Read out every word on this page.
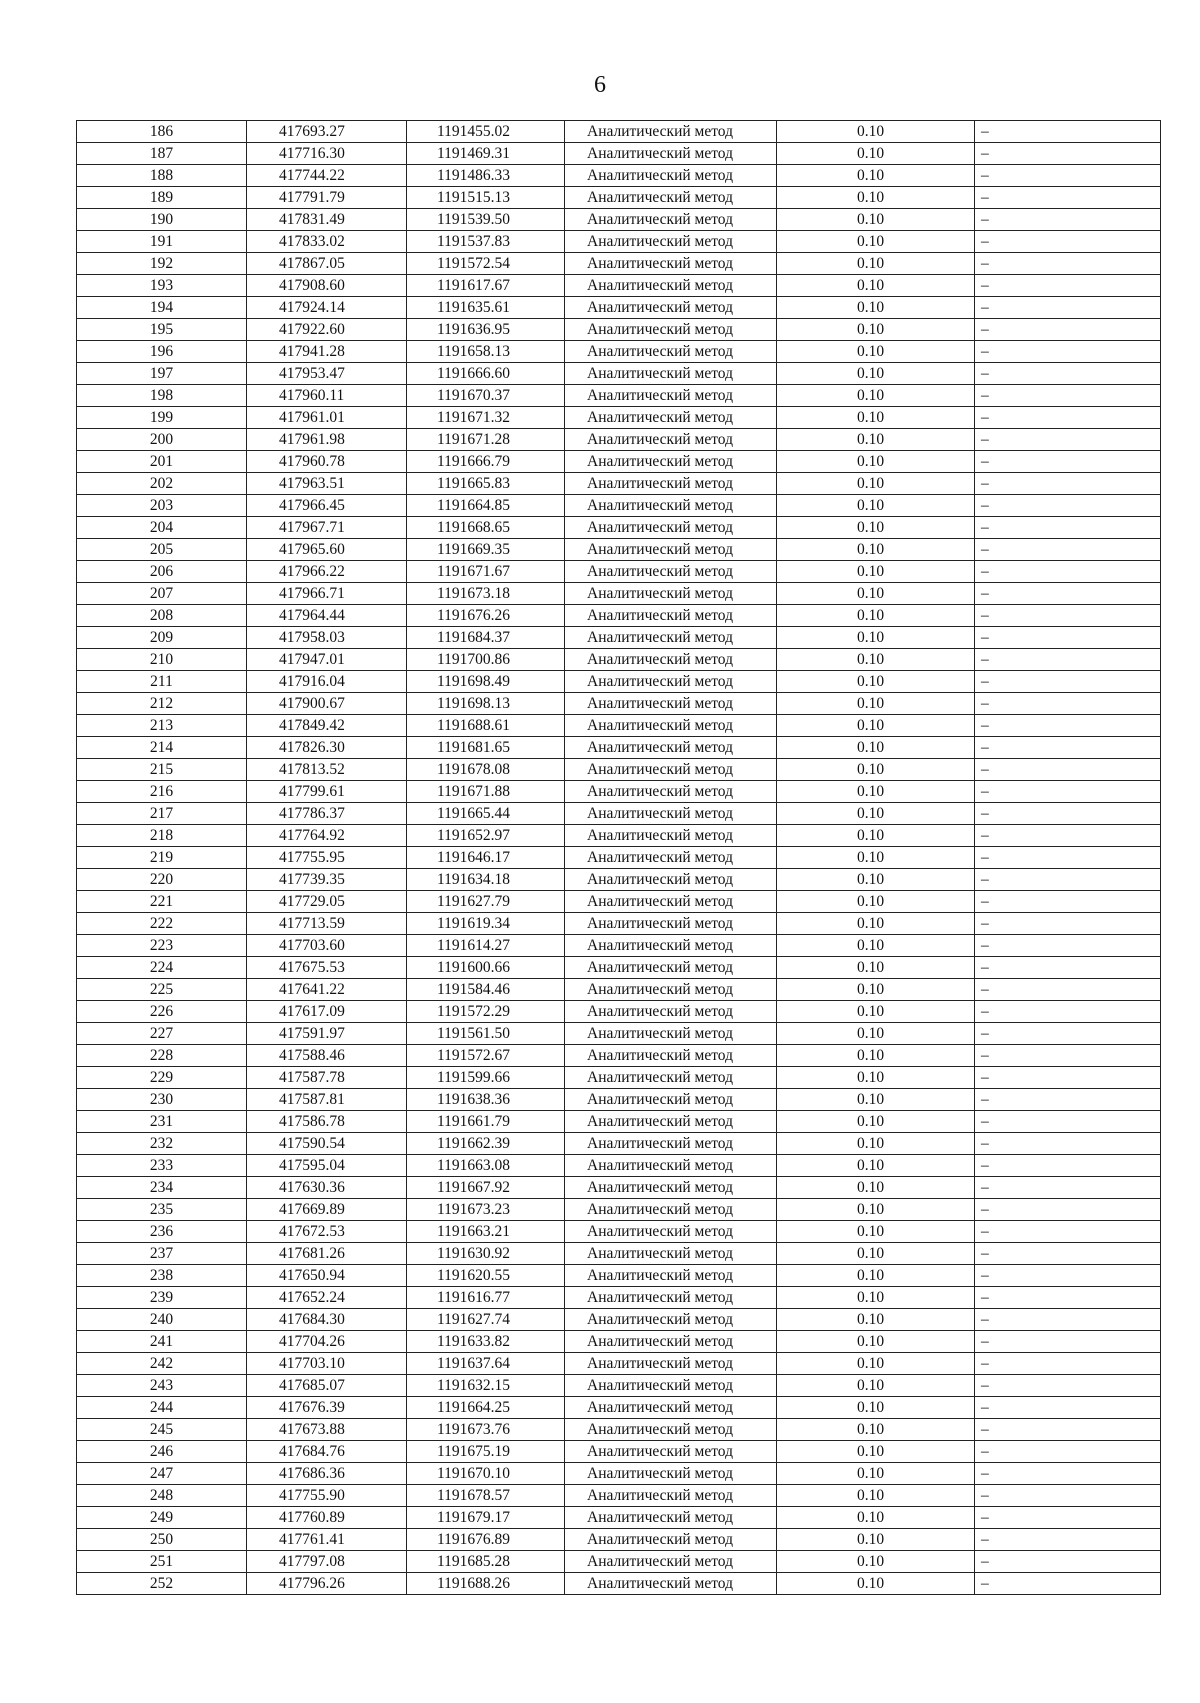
6
186	417693.27	1191455.02	Аналитический метод	0.10	–
187	417716.30	1191469.31	Аналитический метод	0.10	–
188	417744.22	1191486.33	Аналитический метод	0.10	–
189	417791.79	1191515.13	Аналитический метод	0.10	–
190	417831.49	1191539.50	Аналитический метод	0.10	–
191	417833.02	1191537.83	Аналитический метод	0.10	–
192	417867.05	1191572.54	Аналитический метод	0.10	–
193	417908.60	1191617.67	Аналитический метод	0.10	–
194	417924.14	1191635.61	Аналитический метод	0.10	–
195	417922.60	1191636.95	Аналитический метод	0.10	–
196	417941.28	1191658.13	Аналитический метод	0.10	–
197	417953.47	1191666.60	Аналитический метод	0.10	–
198	417960.11	1191670.37	Аналитический метод	0.10	–
199	417961.01	1191671.32	Аналитический метод	0.10	–
200	417961.98	1191671.28	Аналитический метод	0.10	–
201	417960.78	1191666.79	Аналитический метод	0.10	–
202	417963.51	1191665.83	Аналитический метод	0.10	–
203	417966.45	1191664.85	Аналитический метод	0.10	–
204	417967.71	1191668.65	Аналитический метод	0.10	–
205	417965.60	1191669.35	Аналитический метод	0.10	–
206	417966.22	1191671.67	Аналитический метод	0.10	–
207	417966.71	1191673.18	Аналитический метод	0.10	–
208	417964.44	1191676.26	Аналитический метод	0.10	–
209	417958.03	1191684.37	Аналитический метод	0.10	–
210	417947.01	1191700.86	Аналитический метод	0.10	–
211	417916.04	1191698.49	Аналитический метод	0.10	–
212	417900.67	1191698.13	Аналитический метод	0.10	–
213	417849.42	1191688.61	Аналитический метод	0.10	–
214	417826.30	1191681.65	Аналитический метод	0.10	–
215	417813.52	1191678.08	Аналитический метод	0.10	–
216	417799.61	1191671.88	Аналитический метод	0.10	–
217	417786.37	1191665.44	Аналитический метод	0.10	–
218	417764.92	1191652.97	Аналитический метод	0.10	–
219	417755.95	1191646.17	Аналитический метод	0.10	–
220	417739.35	1191634.18	Аналитический метод	0.10	–
221	417729.05	1191627.79	Аналитический метод	0.10	–
222	417713.59	1191619.34	Аналитический метод	0.10	–
223	417703.60	1191614.27	Аналитический метод	0.10	–
224	417675.53	1191600.66	Аналитический метод	0.10	–
225	417641.22	1191584.46	Аналитический метод	0.10	–
226	417617.09	1191572.29	Аналитический метод	0.10	–
227	417591.97	1191561.50	Аналитический метод	0.10	–
228	417588.46	1191572.67	Аналитический метод	0.10	–
229	417587.78	1191599.66	Аналитический метод	0.10	–
230	417587.81	1191638.36	Аналитический метод	0.10	–
231	417586.78	1191661.79	Аналитический метод	0.10	–
232	417590.54	1191662.39	Аналитический метод	0.10	–
233	417595.04	1191663.08	Аналитический метод	0.10	–
234	417630.36	1191667.92	Аналитический метод	0.10	–
235	417669.89	1191673.23	Аналитический метод	0.10	–
236	417672.53	1191663.21	Аналитический метод	0.10	–
237	417681.26	1191630.92	Аналитический метод	0.10	–
238	417650.94	1191620.55	Аналитический метод	0.10	–
239	417652.24	1191616.77	Аналитический метод	0.10	–
240	417684.30	1191627.74	Аналитический метод	0.10	–
241	417704.26	1191633.82	Аналитический метод	0.10	–
242	417703.10	1191637.64	Аналитический метод	0.10	–
243	417685.07	1191632.15	Аналитический метод	0.10	–
244	417676.39	1191664.25	Аналитический метод	0.10	–
245	417673.88	1191673.76	Аналитический метод	0.10	–
246	417684.76	1191675.19	Аналитический метод	0.10	–
247	417686.36	1191670.10	Аналитический метод	0.10	–
248	417755.90	1191678.57	Аналитический метод	0.10	–
249	417760.89	1191679.17	Аналитический метод	0.10	–
250	417761.41	1191676.89	Аналитический метод	0.10	–
251	417797.08	1191685.28	Аналитический метод	0.10	–
252	417796.26	1191688.26	Аналитический метод	0.10	–
